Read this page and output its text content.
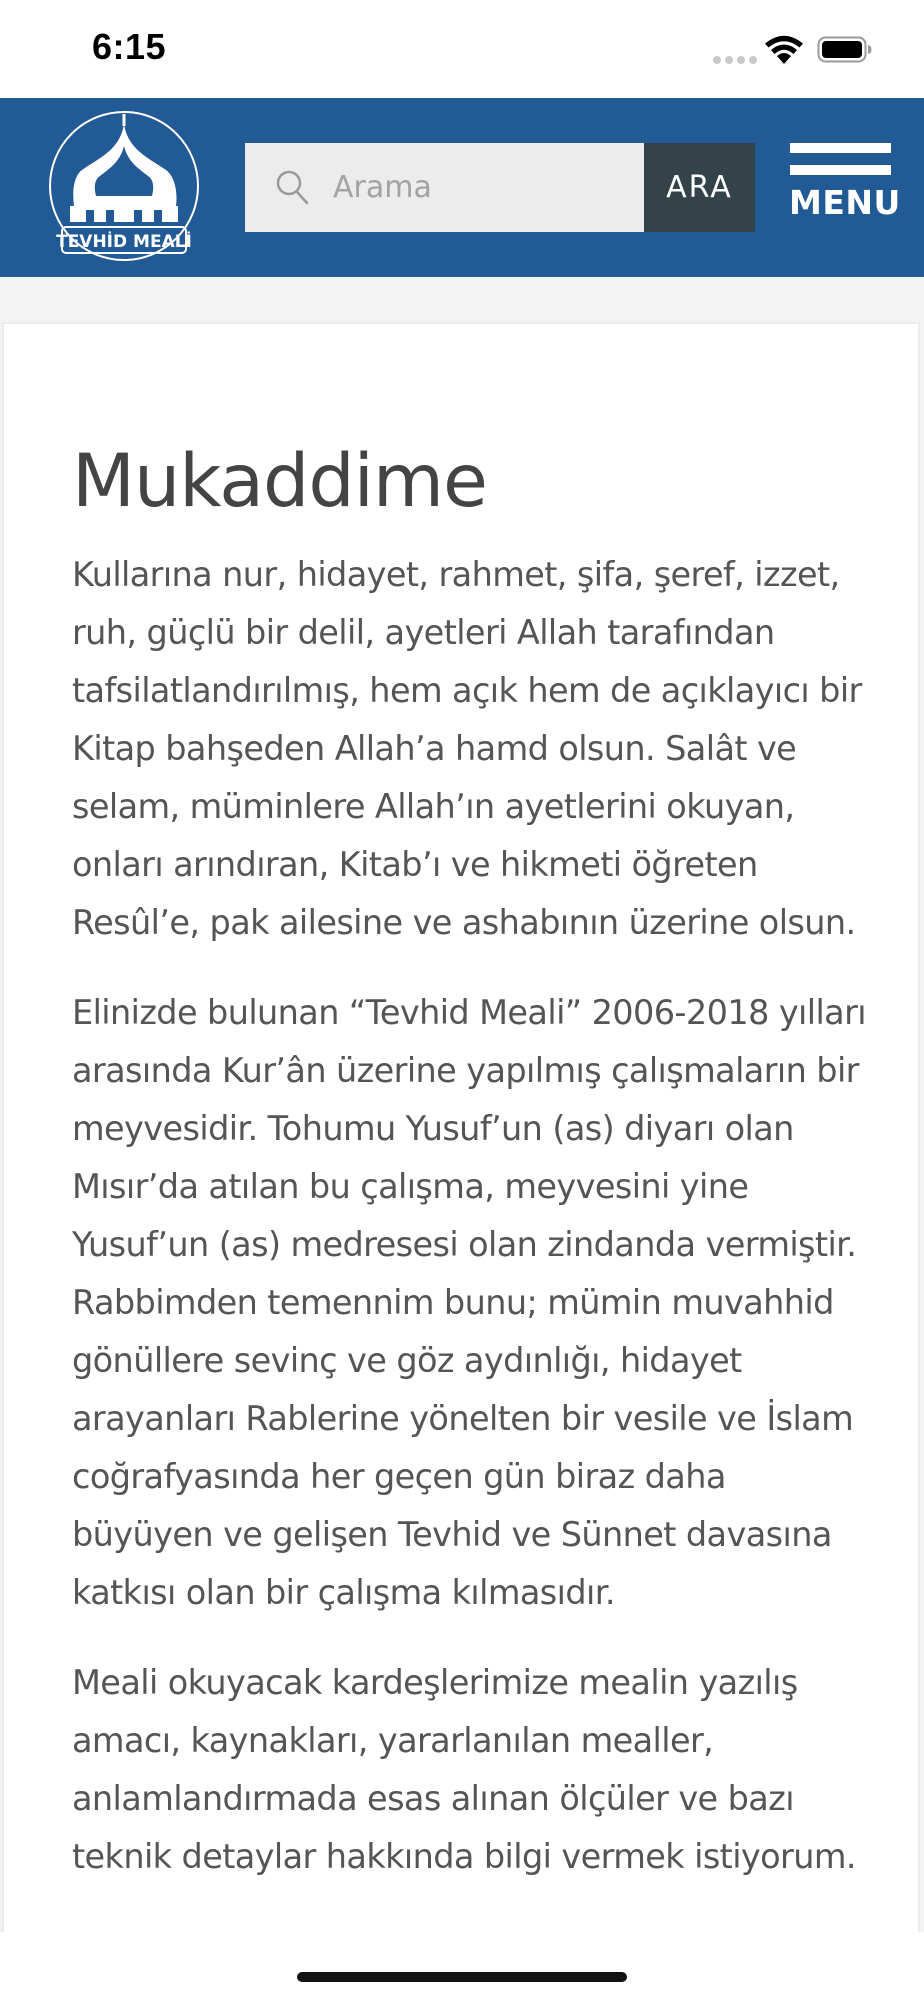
6:15
TEVHİD MEALİ
Arama
ARA	MENU
Mukaddime

Kullarına nur, hidayet, rahmet, şifa, şeref, izzet,
ruh, güçlü bir delil, ayetleri Allah tarafından
tafsilatlandırılmış, hem açık hem de açıklayıcı bir
Kitap bahşeden Allah’a hamd olsun. Salât ve
selam, müminlere Allah’ın ayetlerini okuyan,
onları arındıran, Kitab’ı ve hikmeti öğreten
Resûl’e, pak ailesine ve ashabının üzerine olsun.

Elinizde bulunan “Tevhid Meali” 2006-2018 yılları
arasında Kur’ân üzerine yapılmış çalışmaların bir
meyvesidir. Tohumu Yusuf’un (as) diyarı olan
Mısır’da atılan bu çalışma, meyvesini yine
Yusuf’un (as) medresesi olan zindanda vermiştir.
Rabbimden temennim bunu; mümin muvahhid
gönüllere sevinç ve göz aydınlığı, hidayet
arayanları Rablerine yönelten bir vesile ve İslam
coğrafyasında her geçen gün biraz daha
büyüyen ve gelişen Tevhid ve Sünnet davasına
katkısı olan bir çalışma kılmasıdır.

Meali okuyacak kardeşlerimize mealin yazılış
amacı, kaynakları, yararlanılan mealler,
anlamlandırmada esas alınan ölçüler ve bazı
teknik detaylar hakkında bilgi vermek istiyorum.
